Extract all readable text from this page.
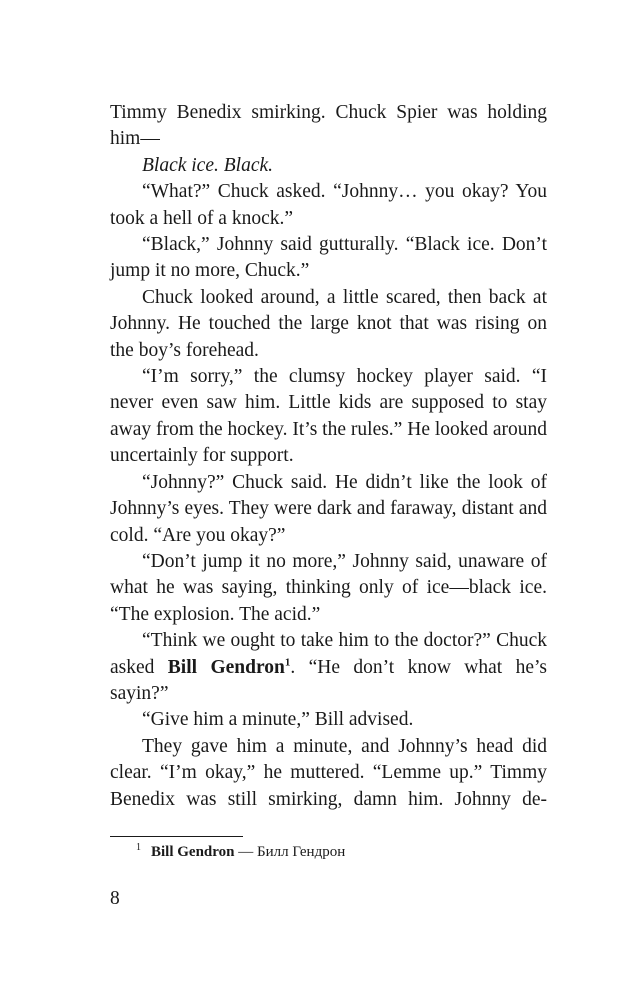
Timmy Benedix smirking. Chuck Spier was holding him—

Black ice. Black.

“What?” Chuck asked. “Johnny… you okay? You took a hell of a knock.”

“Black,” Johnny said gutturally. “Black ice. Don’t jump it no more, Chuck.”

Chuck looked around, a little scared, then back at Johnny. He touched the large knot that was rising on the boy’s forehead.

“I’m sorry,” the clumsy hockey player said. “I never even saw him. Little kids are supposed to stay away from the hockey. It’s the rules.” He looked around uncertainly for support.

“Johnny?” Chuck said. He didn’t like the look of Johnny’s eyes. They were dark and faraway, distant and cold. “Are you okay?”

“Don’t jump it no more,” Johnny said, unaware of what he was saying, thinking only of ice—black ice. “The explosion. The acid.”

“Think we ought to take him to the doctor?” Chuck asked Bill Gendron$^1$. “He don’t know what he’s sayin?”

“Give him a minute,” Bill advised.

They gave him a minute, and Johnny’s head did clear. “I’m okay,” he muttered. “Lemme up.” Timmy Benedix was still smirking, damn him. Johnny de-

$^1$ Bill Gendron — Билл Гендрон
8
